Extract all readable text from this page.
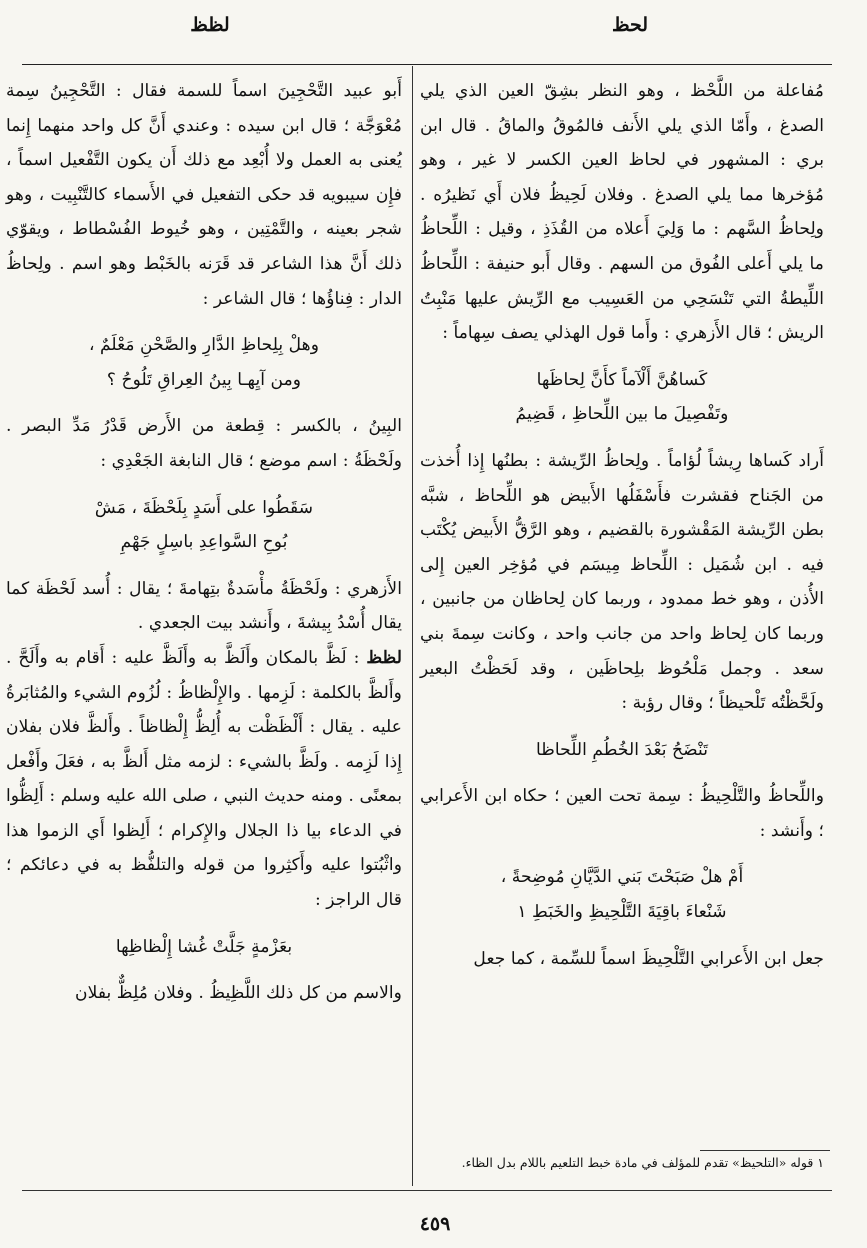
لحظ
لظظ

مُفاعلة من اللَّحْظ ، وهو النظر بشِقّ العين الذي يلي الصدغ ، وأَمّا الذي يلي الأَنف فالمُوقُ والماقُ . قال ابن بري : المشهور في لحاظ العين الكسر لا غير ، وهو مُؤخرها مما يلي الصدغ . وفلان لَحِيظُ فلان أَي نَظيرُه . ولِحاظُ السَّهم : ما وَلِيَ أَعلاه من القُذَذِ ، وقيل : اللِّحاظُ ما يلي أَعلى الفُوق من السهم . وقال أَبو حنيفة : اللِّحاظُ اللِّيطةُ التي تَنْسَحِي من العَسِيب مع الرِّيش عليها مَنْبِتُ الريش ؛ قال الأَزهري : وأَما قول الهذلي يصف سِهاماً :

كَساهُنَّ أَلْآماً كأَنَّ لِحاظَها
وتَفْصِيلَ ما بين اللِّحاظِ ، قَضِيمُ

أَراد كَساها رِيشاً لُؤاماً . ولِحاظُ الرِّيشة : بطنُها إِذا أُخذت من الجَناح فقشرت فأَسْفَلُها الأَبيض هو اللِّحاظ ، شبَّه بطن الرِّيشة المَقْشورة بالقضيم ، وهو الرَّقُّ الأَبيض يُكْتَب فيه . ابن شُمَيل : اللِّحاظ مِيسَم في مُؤخِر العين إِلى الأُذن ، وهو خط ممدود ، وربما كان لِحاظان من جانبين ، وربما كان لِحاظ واحد من جانب واحد ، وكانت سِمةَ بني سعد . وجمل مَلْحُوظ بلِحاظَين ، وقد لَحَظْتُ البعير ولَحَّظْتُه تَلْحيظاً ؛ وقال رؤبة :

تَنْضَحُ بَعْدَ الخُطُمِ اللِّحاظا

واللِّحاظُ والتَّلْحِيظُ : سِمة تحت العين ؛ حكاه ابن الأَعرابي ؛ وأَنشد :

أَمْ هلْ صَبَحْتَ بَني الدَّيَّانِ مُوضِحةً ،
شَنْعاءَ باقِيَةَ التَّلْحِيظِ والخَبَطِ ١

جعل ابن الأَعرابي التَّلْحِيظَ اسماً للسِّمة ، كما جعل

أَبو عبيد التَّحْجِينَ اسماً للسمة فقال : التَّحْجِينُ سِمة مُعْوَجَّة ؛ قال ابن سيده : وعندي أَنَّ كل واحد منهما إِنما يُعنى به العمل ولا أُبْعِد مع ذلك أَن يكون التَّفْعيل اسماً ، فإِن سيبويه قد حكى التفعيل في الأَسماء كالتَّنْبِيت ، وهو شجر بعينه ، والتَّمْتِين ، وهو خُيوط الفُسْطاط ، ويقوّي ذلك أَنَّ هذا الشاعر قد قَرَنه بالخَبْط وهو اسم . ولِحاظُ الدار : فِناؤُها ؛ قال الشاعر :

وهلْ بِلِحاظِ الدَّارِ والصَّحْنِ مَعْلَمٌ ،
ومن آيِهـا بِينُ العِراقِ تَلُوحُ ؟

البِينُ ، بالكسر : قِطعة من الأَرض قَدْرُ مَدِّ البصر . ولَحْظَةُ : اسم موضع ؛ قال النابغة الجَعْدِي :

سَقَطُوا على أَسَدٍ بِلَحْظَةَ ، مَشْ
بُوحِ السَّواعِدِ باسِلٍ جَهْمِ

الأَزهري : ولَحْظَةُ مأْسَدةٌ بتِهامةَ ؛ يقال : أُسد لَحْظَة كما يقال أُسْدُ بِيشةَ ، وأَنشد بيت الجعدي .

لظظ : لَظَّ بالمكان وأَلَظَّ به وأَلَظَّ عليه : أَقام به وأَلَحَّ . وأَلظَّ بالكلمة : لَزِمها . والإِلْظاظُ : لُزُوم الشيء والمُثابَرةُ عليه . يقال : أَلْظَظْت به أُلِظُّ إِلْظاظاً . وأَلظَّ فلان بفلان إِذا لَزِمه . ولَظَّ بالشيء : لزمه مثل أَلظَّ به ، فعَلَ وأَفْعل بمعنًى . ومنه حديث النبي ، صلى الله عليه وسلم : أَلِظُّوا في الدعاء بيا ذا الجلال والإِكرام ؛ أَلِظوا أَي الزموا هذا واثْبُتوا عليه وأَكثِروا من قوله والتلفُّظ به في دعائكم ؛ قال الراجز :

بعَزْمةٍ جَلَّتْ غُشا إِلْظاظِها

والاسم من كل ذلك اللَّظِيظُ . وفلان مُلِظٌّ بفلان

١ قوله «التلحيظ» تقدم للمؤلف في مادة خبط التلعيم باللام بدل الظاء.
٤٥٩
